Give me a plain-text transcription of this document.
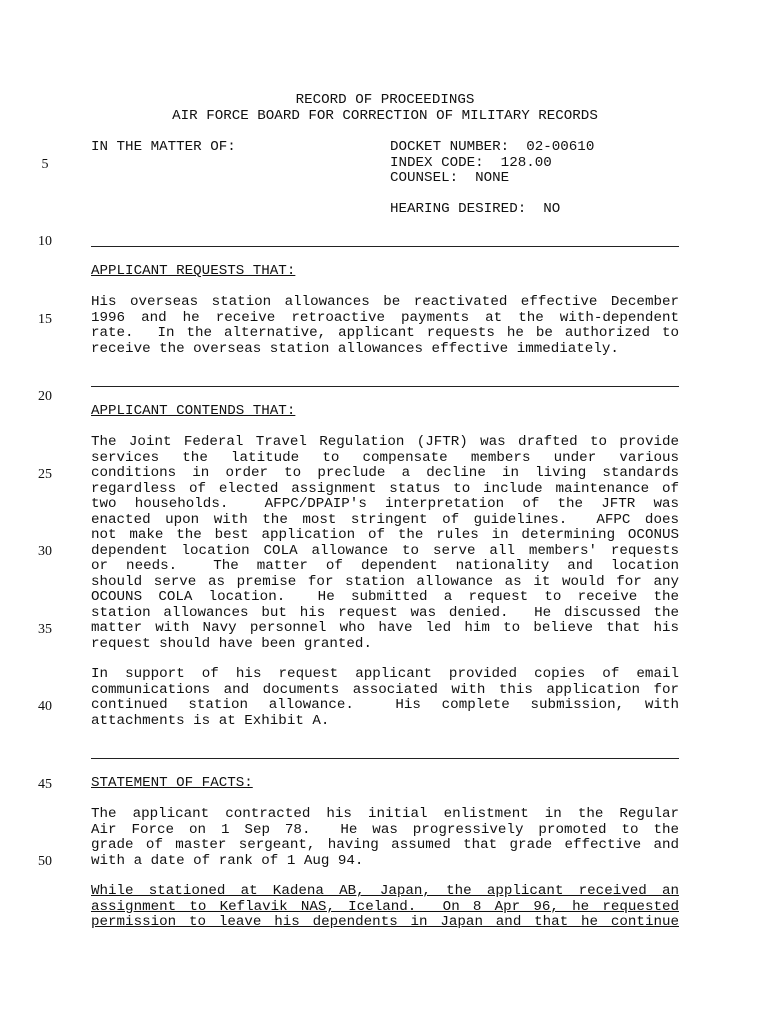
RECORD OF PROCEEDINGS
AIR FORCE BOARD FOR CORRECTION OF MILITARY RECORDS
IN THE MATTER OF:	DOCKET NUMBER:  02-00610
INDEX CODE:  128.00
COUNSEL:  NONE
HEARING DESIRED:  NO
APPLICANT REQUESTS THAT:
His overseas station allowances be reactivated effective December
1996 and he receive retroactive payments at the with-dependent
rate.  In the alternative, applicant requests he be authorized to
receive the overseas station allowances effective immediately.
APPLICANT CONTENDS THAT:
The Joint Federal Travel Regulation (JFTR) was drafted to provide
services the latitude to compensate members under various
conditions in order to preclude a decline in living standards
regardless of elected assignment status to include maintenance of
two households.  AFPC/DPAIP's interpretation of the JFTR was
enacted upon with the most stringent of guidelines.  AFPC does
not make the best application of the rules in determining OCONUS
dependent location COLA allowance to serve all members' requests
or needs.  The matter of dependent nationality and location
should serve as premise for station allowance as it would for any
OCOUNS COLA location.  He submitted a request to receive the
station allowances but his request was denied.  He discussed the
matter with Navy personnel who have led him to believe that his
request should have been granted.
In support of his request applicant provided copies of email
communications and documents associated with this application for
continued station allowance.  His complete submission, with
attachments is at Exhibit A.
STATEMENT OF FACTS:
The applicant contracted his initial enlistment in the Regular
Air Force on 1 Sep 78.  He was progressively promoted to the
grade of master sergeant, having assumed that grade effective and
with a date of rank of 1 Aug 94.
While stationed at Kadena AB, Japan, the applicant received an
assignment to Keflavik NAS, Iceland.  On 8 Apr 96, he requested
permission to leave his dependents in Japan and that he continue
5
10
15
20
25
30
35
40
45
50
